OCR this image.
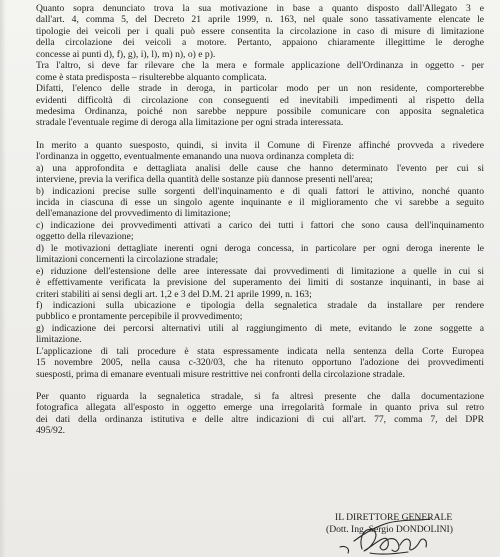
Quanto sopra denunciato trova la sua motivazione in base a quanto disposto dall'Allegato 3 e
dall'art. 4, comma 5, del Decreto 21 aprile 1999, n. 163, nel quale sono tassativamente elencate le
tipologie dei veicoli per i quali può essere consentita la circolazione in caso di misure di limitazione
della circolazione dei veicoli a motore. Pertanto, appaiono chiaramente illegittime le deroghe
concesse ai punti d), f), g), i), l), m) n), o) e p).
Tra l'altro, si deve far rilevare che la mera e formale applicazione dell'Ordinanza in oggetto - per
come è stata predisposta – risulterebbe alquanto complicata.
Difatti, l'elenco delle strade in deroga, in particolar modo per un non residente, comporterebbe
evidenti difficoltà di circolazione con conseguenti ed inevitabili impedimenti al rispetto della
medesima Ordinanza, poiché non sarebbe neppure possibile comunicare con apposita segnaletica
stradale l'eventuale regime di deroga alla limitazione per ogni strada interessata.
In merito a quanto suesposto, quindi, si invita il Comune di Firenze affinché provveda a rivedere
l'ordinanza in oggetto, eventualmente emanando una nuova ordinanza completa di:
a) una approfondita e dettagliata analisi delle cause che hanno determinato l'evento per cui si
interviene, previa la verifica della quantità delle sostanze più dannose presenti nell'area;
b) indicazioni precise sulle sorgenti dell'inquinamento e di quali fattori le attivino, nonché quanto
incida in ciascuna di esse un singolo agente inquinante e il miglioramento che vi sarebbe a seguito
dell'emanazione del provvedimento di limitazione;
c) indicazione dei provvedimenti attivati a carico dei tutti i fattori che sono causa dell'inquinamento
oggetto della rilevazione;
d) le motivazioni dettagliate inerenti ogni deroga concessa, in particolare per ogni deroga inerente le
limitazioni concernenti la circolazione stradale;
e) riduzione dell'estensione delle aree interessate dai provvedimenti di limitazione a quelle in cui si
è effettivamente verificata la previsione del superamento dei limiti di sostanze inquinanti, in base ai
criteri stabiliti ai sensi degli art. 1,2 e 3 del D.M. 21 aprile 1999, n. 163;
f) indicazioni sulla ubicazione e tipologia della segnaletica stradale da installare per rendere
pubblico e prontamente percepibile il provvedimento;
g) indicazione dei percorsi alternativi utili al raggiungimento di mete, evitando le zone soggette a
limitazione.
L'applicazione di tali procedure è stata espressamente indicata nella sentenza della Corte Europea
15 novembre 2005, nella causa c-320/03, che ha ritenuto opportuno l'adozione dei provvedimenti
suesposti, prima di emanare eventuali misure restrittive nei confronti della circolazione stradale.
Per quanto riguarda la segnaletica stradale, si fa altresì presente che dalla documentazione
fotografica allegata all'esposto in oggetto emerge una irregolarità formale in quanto priva sul retro
dei dati della ordinanza istitutiva e delle altre indicazioni di cui all'art. 77, comma 7, del DPR
495/92.
IL DIRETTORE GENERALE
(Dott. Ing. Sergio DONDOLINI)
